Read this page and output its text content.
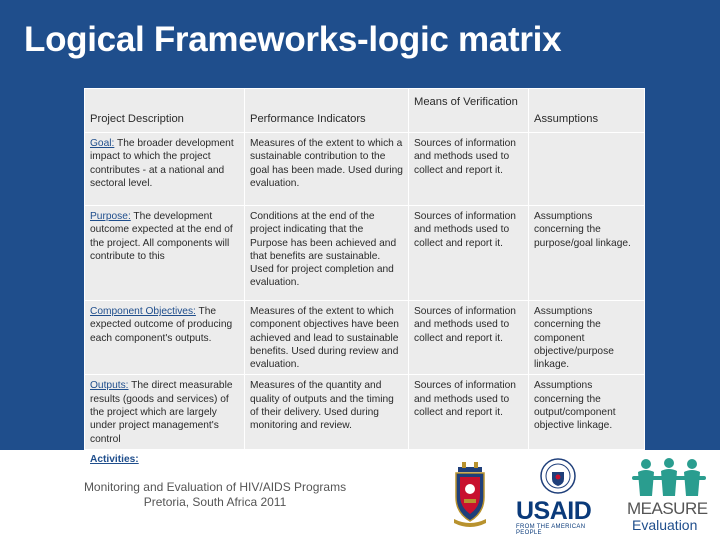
Logical Frameworks-logic matrix
Project Description	Performance Indicators	Means of Verification	Assumptions
Goal: The broader development impact to which the project contributes - at a national and sectoral level.	Measures of the extent to which a sustainable contribution to the goal has been made. Used during evaluation.	Sources of information and methods used to collect and report it.	
Purpose: The development outcome expected at the end of the project. All components will contribute to this	Conditions at the end of the project indicating that the Purpose has been achieved and that benefits are sustainable. Used for project completion and evaluation.	Sources of information and methods used to collect and report it.	Assumptions concerning the purpose/goal linkage.
Component Objectives: The expected outcome of producing each component's outputs.	Measures of the extent to which component objectives have been achieved and lead to sustainable benefits. Used during review and evaluation.	Sources of information and methods used to collect and report it.	Assumptions concerning the component objective/purpose linkage.
Outputs: The direct measurable results (goods and services) of the project which are largely under project management's control	Measures of the quantity and quality of outputs and the timing of their delivery. Used during monitoring and review.	Sources of information and methods used to collect and report it.	Assumptions concerning the output/component objective linkage.
Activities:
Monitoring and Evaluation of HIV/AIDS Programs
Pretoria, South Africa 2011	USAID
FROM THE AMERICAN PEOPLE
MEASURE
Evaluation
